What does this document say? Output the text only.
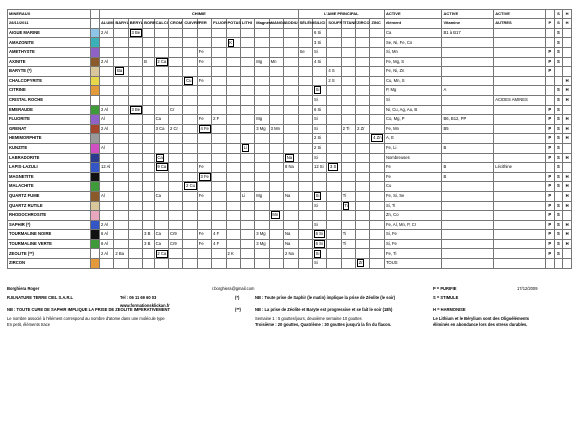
MINERAUX		CHIMIE														L'AME PRINCIPAL						ACTIVE	ACTIVE	ACTIVE		S	H
28/11/2011		ALUMI	BARYL	BERYL	BORE	CALCI	CROM	CUIVRE	FER	FLUOR	POTAS	LITHI	Magnés	MANGA	SODIU	SÉLÉNI	SILICI	SOUFR	TITANE	ZIRCO	ZINC	élément	Vitamine	AUTRES	P	S	H
AIGUE MARINE		2 Al		3 Be													6 Si					Ca	B1 à B17			S	
AMAZONITE											K						3 Si					Se, Ni, Fe, Co				S	
AMETHYSTE									Fe							Se	Si					Si, Mn			P	S	
AXINITE		2 Al			B	2 Ca			Fe				Mg	Mn			4 Si					Fe, Mg, S			P	S	
BARYTE (*)			Ba															4 S				Fe, Ni, Zn			P		
CHALCOPYRITE								Cu	Fe									2 S				Cu, Mn, S					H
CITRINE																	Si					P, Mg	A			S	H
CRISTAL ROCHE																	Si					Si		ACIDES AMINES		S	H
EMERAUDE		2 Al		3 Be			Cr										6 Si					Ni, Cu, Ag, Au, B			P	S	
FLUORITE		Al				Ca			Fe	2 F			Mg				Si					Co, Mg, P	B6, B12, PP		P	S	H
GRENAT		2 Al				3 Ca	2 Cr		4 Fe				3 Mg	3 Mn			Si		2 Ti	2 Zr		Fe, Mn	B5		P	S	H
HEMIMORPHITE																	2 Si				4 Zn	A, E			P	S	H
KUNZITE		Al										Li					2 Si					Fe, Li	B		P	S	
LABRADORITE						Ca									Na		Si					Nombreuses			P	S	H
LAPIS-LAZULI		12 Al				9 Ca			Fe						8 Na		12 Si	3 S				Fe	B	Lécithine		S	
MAGNETITE									3 Fe													Fe	B		P	S	H
MALACHITE								2 Cu														Cu			P	S	H
QUARTZ FUME		Al				Ca			Fe			Li	Mg		Na		Si		Ti			Fe, Si, Se			P		H
QUARTZ RUTILE																	Si		Ti			Si, Ti			P	S	H
RHODOCHROSITE														Mn								Zn, Co			P	S	
SAPHIR (*)		2 Al															Si					Fe, Al, Mn, P, Cr			P	S	H
TOURMALINE NOIRE		6 Al			3 B	Ca	Cr9		Fe	4 F			3 Mg		Na		6 Si		Ti			Si, Fe			P	S	H
TOURMALINE VERTE		6 Al			3 B	Ca	Cr9		Fe	4 F			3 Mg		Na		6 Si		Ti			Si, Fe			P	S	H
ZEOLITE (**)		2 Al	2 Ba			2 Ca					2 K				2 Na		Si					Fe, Ti			P	S	
ZIRCON																	Si			Zr		TOUS					
Borghiera Roger	r.borghiera@gmail.com	P = PURIFIE	17/12/2009
R.B.NATURE TERRE CIEL S.A.R.L	Tel : 06 11 69 60 03	(*)	NB : Toute prise de Saphir (le matin) implique la prise de Zéolite (le soir)	S = STIMULE
www.formationsklickan.fr
NB : TOUTE CURE DE SAPHIR IMPLIQUE LA PRISE DE ZEOLITE IMPERATIVEMENT	(**)	NB : La prise de Zéolite et Baryte est progressive et se fait le soir (18h)	H = HARMONISE
Le nombre associé à l'élément correspond au nombre d'atome dans une molécule type	Semaine 1 : 5 gouttes/jours, deuxième semaine 10 gouttes	Le Lithium et le Bérylium sont des Oligoéléments
En petit, éléments trace	Troisième : 20 gouttes, Quatrième : 30 gouttes jusqu'à la fin du flacon.	éliminés en abondance lors des stress durables.
